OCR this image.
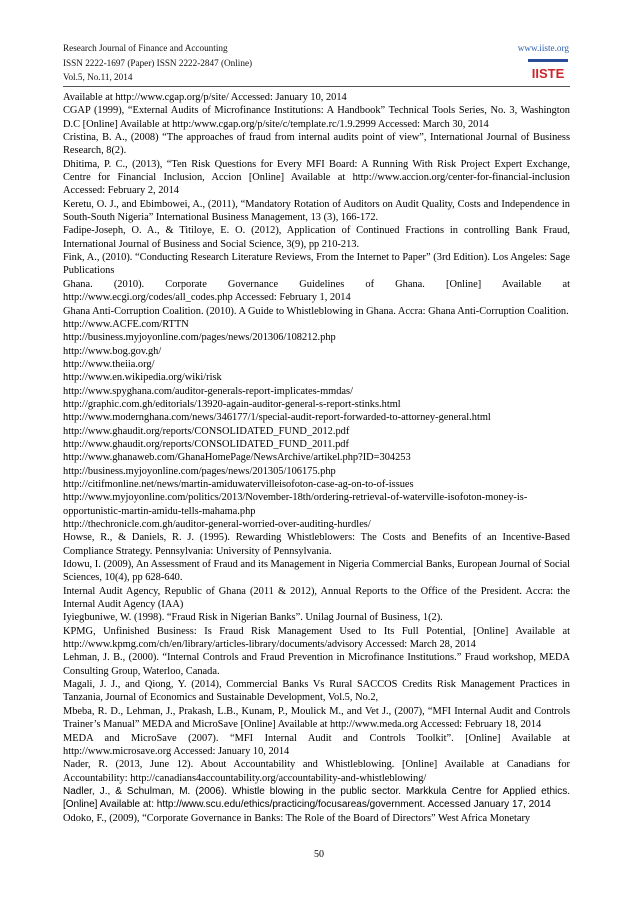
Research Journal of Finance and Accounting
ISSN 2222-1697 (Paper) ISSN 2222-2847 (Online)
Vol.5, No.11, 2014
www.iiste.org
IISTE

Available at http://www.cgap.org/p/site/ Accessed: January 10, 2014

CGAP (1999), “External Audits of Microfinance Institutions: A Handbook” Technical Tools Series, No. 3, Washington D.C [Online] Available at http:/www.cgap.org/p/site/c/template.rc/1.9.2999 Accessed: March 30, 2014

Cristina, B. A., (2008) “The approaches of fraud from internal audits point of view”, International Journal of Business Research, 8(2).

Dhitima, P. C., (2013), “Ten Risk Questions for Every MFI Board: A Running With Risk Project Expert Exchange, Centre for Financial Inclusion, Accion [Online] Available at http://www.accion.org/center-for-financial-inclusion Accessed: February 2, 2014

Keretu, O. J., and Ebimbowei, A., (2011), “Mandatory Rotation of Auditors on Audit Quality, Costs and Independence in South-South Nigeria” International Business Management, 13 (3), 166-172.

Fadipe-Joseph, O. A., & Titiloye, E. O. (2012), Application of Continued Fractions in controlling Bank Fraud, International Journal of Business and Social Science, 3(9), pp 210-213.

Fink, A., (2010). “Conducting Research Literature Reviews, From the Internet to Paper” (3rd Edition). Los Angeles: Sage Publications

Ghana. (2010). Corporate Governance Guidelines of Ghana. [Online] Available at http://www.ecgi.org/codes/all_codes.php Accessed: February 1, 2014

Ghana Anti-Corruption Coalition. (2010). A Guide to Whistleblowing in Ghana. Accra: Ghana Anti-Corruption Coalition.

http://www.ACFE.com/RTTN

http://business.myjoyonline.com/pages/news/201306/108212.php

http://www.bog.gov.gh/

http://www.theiia.org/

http://www.en.wikipedia.org/wiki/risk

http://www.spyghana.com/auditor-generals-report-implicates-mmdas/

http://graphic.com.gh/editorials/13920-again-auditor-general-s-report-stinks.html

http://www.modernghana.com/news/346177/1/special-audit-report-forwarded-to-attorney-general.html

http://www.ghaudit.org/reports/CONSOLIDATED_FUND_2012.pdf

http://www.ghaudit.org/reports/CONSOLIDATED_FUND_2011.pdf

http://www.ghanaweb.com/GhanaHomePage/NewsArchive/artikel.php?ID=304253

http://business.myjoyonline.com/pages/news/201305/106175.php

http://citifmonline.net/news/martin-amiduwatervilleisofoton-case-ag-on-to-of-issues

http://www.myjoyonline.com/politics/2013/November-18th/ordering-retrieval-of-waterville-isofoton-money-is-opportunistic-martin-amidu-tells-mahama.php

http://thechronicle.com.gh/auditor-general-worried-over-auditing-hurdles/

Howse, R., & Daniels, R. J. (1995). Rewarding Whistleblowers: The Costs and Benefits of an Incentive-Based Compliance Strategy. Pennsylvania: University of Pennsylvania.

Idowu, I. (2009), An Assessment of Fraud and its Management in Nigeria Commercial Banks, European Journal of Social Sciences, 10(4), pp 628-640.

Internal Audit Agency, Republic of Ghana (2011 & 2012), Annual Reports to the Office of the President. Accra: the Internal Audit Agency (IAA)

Iyiegbuniwe, W. (1998). “Fraud Risk in Nigerian Banks”. Unilag Journal of Business, 1(2).

KPMG, Unfinished Business: Is Fraud Risk Management Used to Its Full Potential, [Online] Available at http://www.kpmg.com/ch/en/library/articles-library/documents/advisory Accessed: March 28, 2014

Lehman, J. B., (2000). “Internal Controls and Fraud Prevention in Microfinance Institutions.” Fraud workshop, MEDA Consulting Group, Waterloo, Canada.

Magali, J. J., and Qiong, Y. (2014), Commercial Banks Vs Rural SACCOS Credits Risk Management Practices in Tanzania, Journal of Economics and Sustainable Development, Vol.5, No.2,

Mbeba, R. D., Lehman, J., Prakash, L.B., Kunam, P., Moulick M., and Vet J., (2007), “MFI Internal Audit and Controls Trainer’s Manual” MEDA and MicroSave [Online] Available at http://www.meda.org Accessed: February 18, 2014

MEDA and MicroSave (2007). “MFI Internal Audit and Controls Toolkit”. [Online] Available at http://www.microsave.org Accessed: January 10, 2014

Nader, R. (2013, June 12). About Accountability and Whistleblowing. [Online] Available at Canadians for Accountability: http://canadians4accountability.org/accountability-and-whistleblowing/

Nadler, J., & Schulman, M. (2006). Whistle blowing in the public sector. Markkula Centre for Applied ethics. [Online] Available at: http://www.scu.edu/ethics/practicing/focusareas/government. Accessed January 17, 2014

Odoko, F., (2009), “Corporate Governance in Banks: The Role of the Board of Directors” West Africa Monetary

50
